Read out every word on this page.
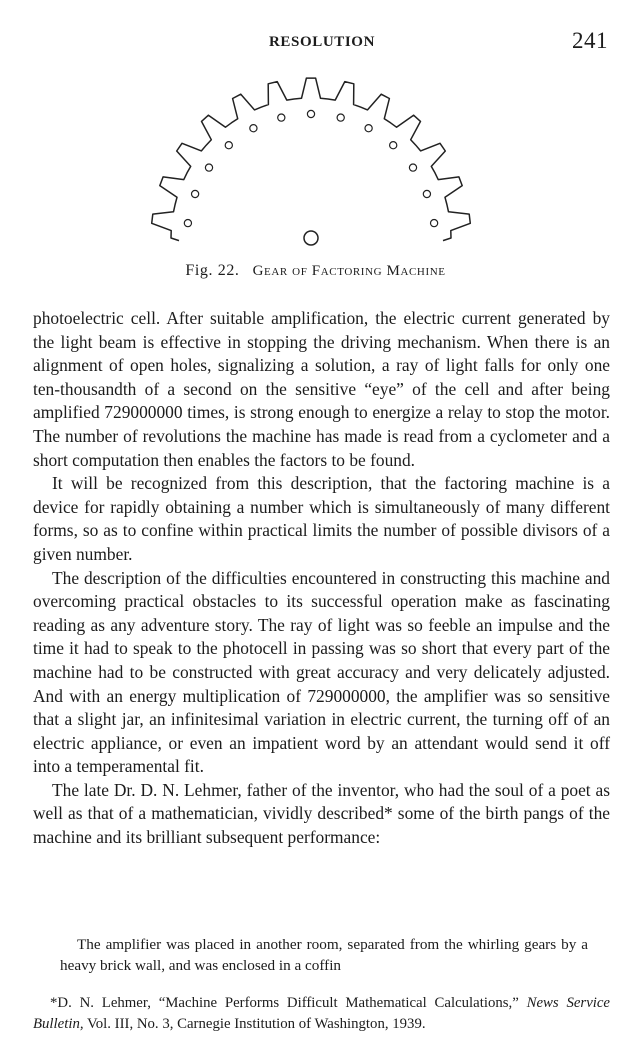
RESOLUTION	241
Fig. 22. Gear of Factoring Machine

photoelectric cell. After suitable amplification, the electric current generated by the light beam is effective in stopping the driving mechanism. When there is an alignment of open holes, signalizing a solution, a ray of light falls for only one ten-thousandth of a second on the sensitive “eye” of the cell and after being amplified 729000000 times, is strong enough to energize a relay to stop the motor. The number of revolutions the machine has made is read from a cyclometer and a short computation then enables the factors to be found.

It will be recognized from this description, that the factoring machine is a device for rapidly obtaining a number which is simultaneously of many different forms, so as to confine within practical limits the number of possible divisors of a given number.

The description of the difficulties encountered in constructing this machine and overcoming practical obstacles to its successful operation make as fascinating reading as any adventure story. The ray of light was so feeble an impulse and the time it had to speak to the photocell in passing was so short that every part of the machine had to be constructed with great accuracy and very delicately adjusted. And with an energy multiplication of 729000000, the amplifier was so sensitive that a slight jar, an infinitesimal variation in electric current, the turning off of an electric appliance, or even an impatient word by an attendant would send it off into a temperamental fit.

The late Dr. D. N. Lehmer, father of the inventor, who had the soul of a poet as well as that of a mathematician, vividly described* some of the birth pangs of the machine and its brilliant subsequent performance:

The amplifier was placed in another room, separated from the whirling gears by a heavy brick wall, and was enclosed in a coffin
*D. N. Lehmer, “Machine Performs Difficult Mathematical Calculations,” News Service Bulletin, Vol. III, No. 3, Carnegie Institution of Washington, 1939.
